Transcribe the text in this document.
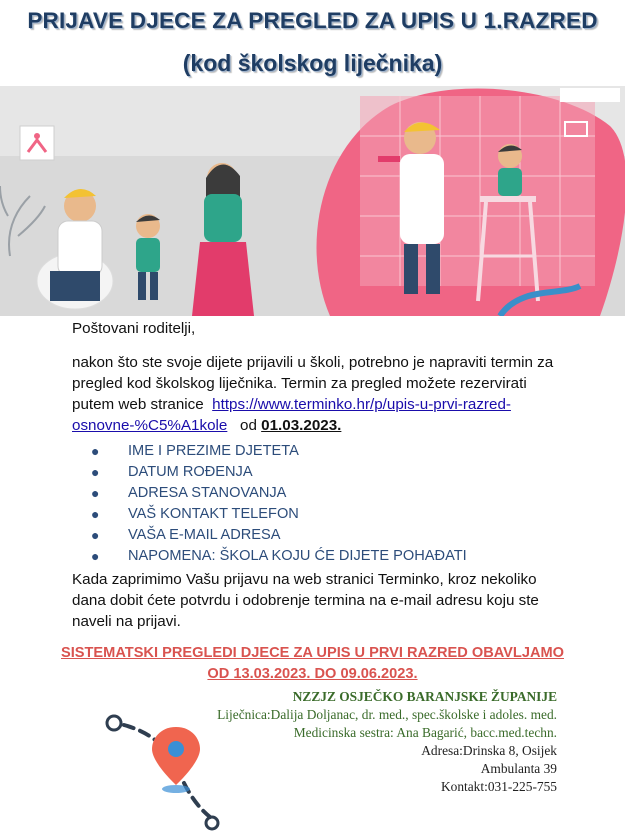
PRIJAVE DJECE ZA PREGLED ZA UPIS U 1.RAZRED
(kod školskog liječnika)
Poštovani roditelji,
nakon što ste svoje dijete prijavili u školi, potrebno je napraviti termin za pregled kod školskog liječnika. Termin za pregled možete rezervirati putem web stranice https://www.terminko.hr/p/upis-u-prvi-razred-osnovne-%C5%A1kole od 01.03.2023.
● IME I PREZIME DJETETA
● DATUM ROĐENJA
● ADRESA STANOVANJA
● VAŠ KONTAKT TELEFON
● VAŠA E-MAIL ADRESA
● NAPOMENA: ŠKOLA KOJU ĆE DIJETE POHAĐATI
Kada zaprimimo Vašu prijavu na web stranici Terminko, kroz nekoliko dana dobit ćete potvrdu i odobrenje termina na e-mail adresu koju ste naveli na prijavi.
SISTEMATSKI PREGLEDI DJECE ZA UPIS U PRVI RAZRED OBAVLJAMO
OD 13.03.2023. DO 09.06.2023.
NZZJZ OSJEČKO BARANJSKE ŽUPANIJE
Liječnica:Dalija Doljanac, dr. med., spec.školske i adoles. med.
Medicinska sestra: Ana Bagarić, bacc.med.techn.
Adresa:Drinska 8, Osijek
Ambulanta 39
Kontakt:031-225-755
